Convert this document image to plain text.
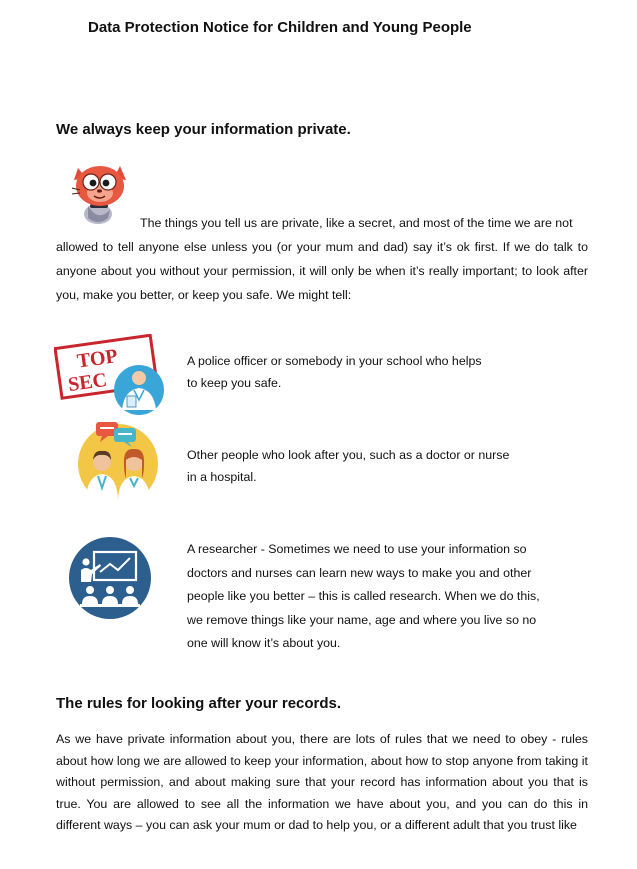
Data Protection Notice for Children and Young People
We always keep your information private.
The things you tell us are private, like a secret, and most of the time we are not
allowed to tell anyone else unless you (or your mum and dad) say it’s ok first. If we do talk to anyone about you without your permission, it will only be when it’s really important; to look after you, make you better, or keep you safe. We might tell:
TOP
SEC
A police officer or somebody in your school who helps
to keep you safe.
Other people who look after you, such as a doctor or nurse
in a hospital.
A researcher - Sometimes we need to use your information so
doctors and nurses can learn new ways to make you and other
people like you better – this is called research. When we do this,
we remove things like your name, age and where you live so no
one will know it’s about you.
The rules for looking after your records.
As we have private information about you, there are lots of rules that we need to obey - rules about how long we are allowed to keep your information, about how to stop anyone from taking it without permission, and about making sure that your record has information about you that is true. You are allowed to see all the information we have about you, and you can do this in different ways – you can ask your mum or dad to help you, or a different adult that you trust like
